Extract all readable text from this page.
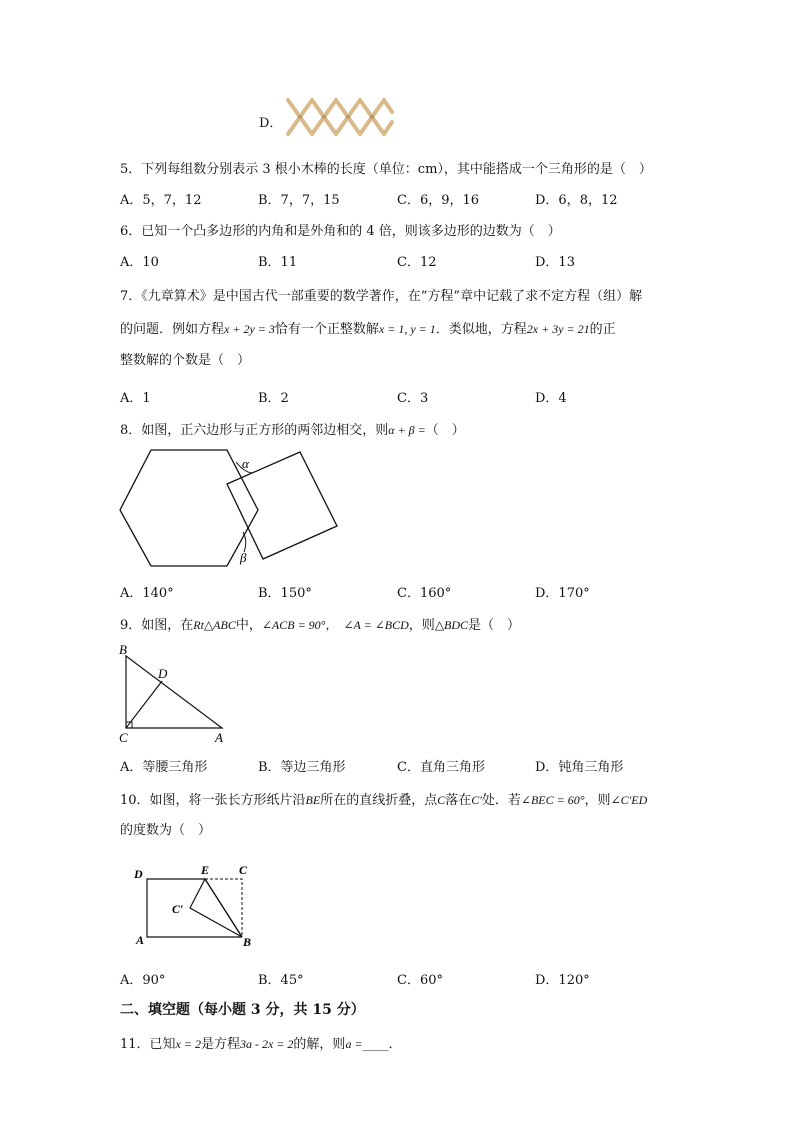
D．
5．下列每组数分别表示 3 根小木棒的长度（单位：cm），其中能搭成一个三角形的是（　）
A．5，7，12	B．7，7，15	C．6，9，16	D．6，8，12
6．已知一个凸多边形的内角和是外角和的 4 倍，则该多边形的边数为（　）
A．10	B．11	C．12	D．13
7．《九章算术》是中国古代一部重要的数学著作，在“方程”章中记载了求不定方程（组）解
的问题．例如方程x + 2y = 3恰有一个正整数解x = 1, y = 1．类似地，方程2x + 3y = 21的正
整数解的个数是（　）
A．1	B．2	C．3	D．4
8．如图，正六边形与正方形的两邻边相交，则α + β =（　）
α
β
A．140°	B．150°	C．160°	D．170°
9．如图，在Rt△ABC中，∠ACB = 90°，　∠A = ∠BCD，则△BDC是（　）
B
D
C	A
A．等腰三角形	B．等边三角形	C．直角三角形	D．钝角三角形
10．如图，将一张长方形纸片沿BE所在的直线折叠，点C落在C′处．若∠BEC = 60°，则∠C′ED
的度数为（　）
D	E C
C′
A	B
A．90°	B．45°	C．60°	D．120°
二、填空题（每小题 3 分，共 15 分）
11．已知x = 2是方程3a - 2x = 2的解，则a =____．
